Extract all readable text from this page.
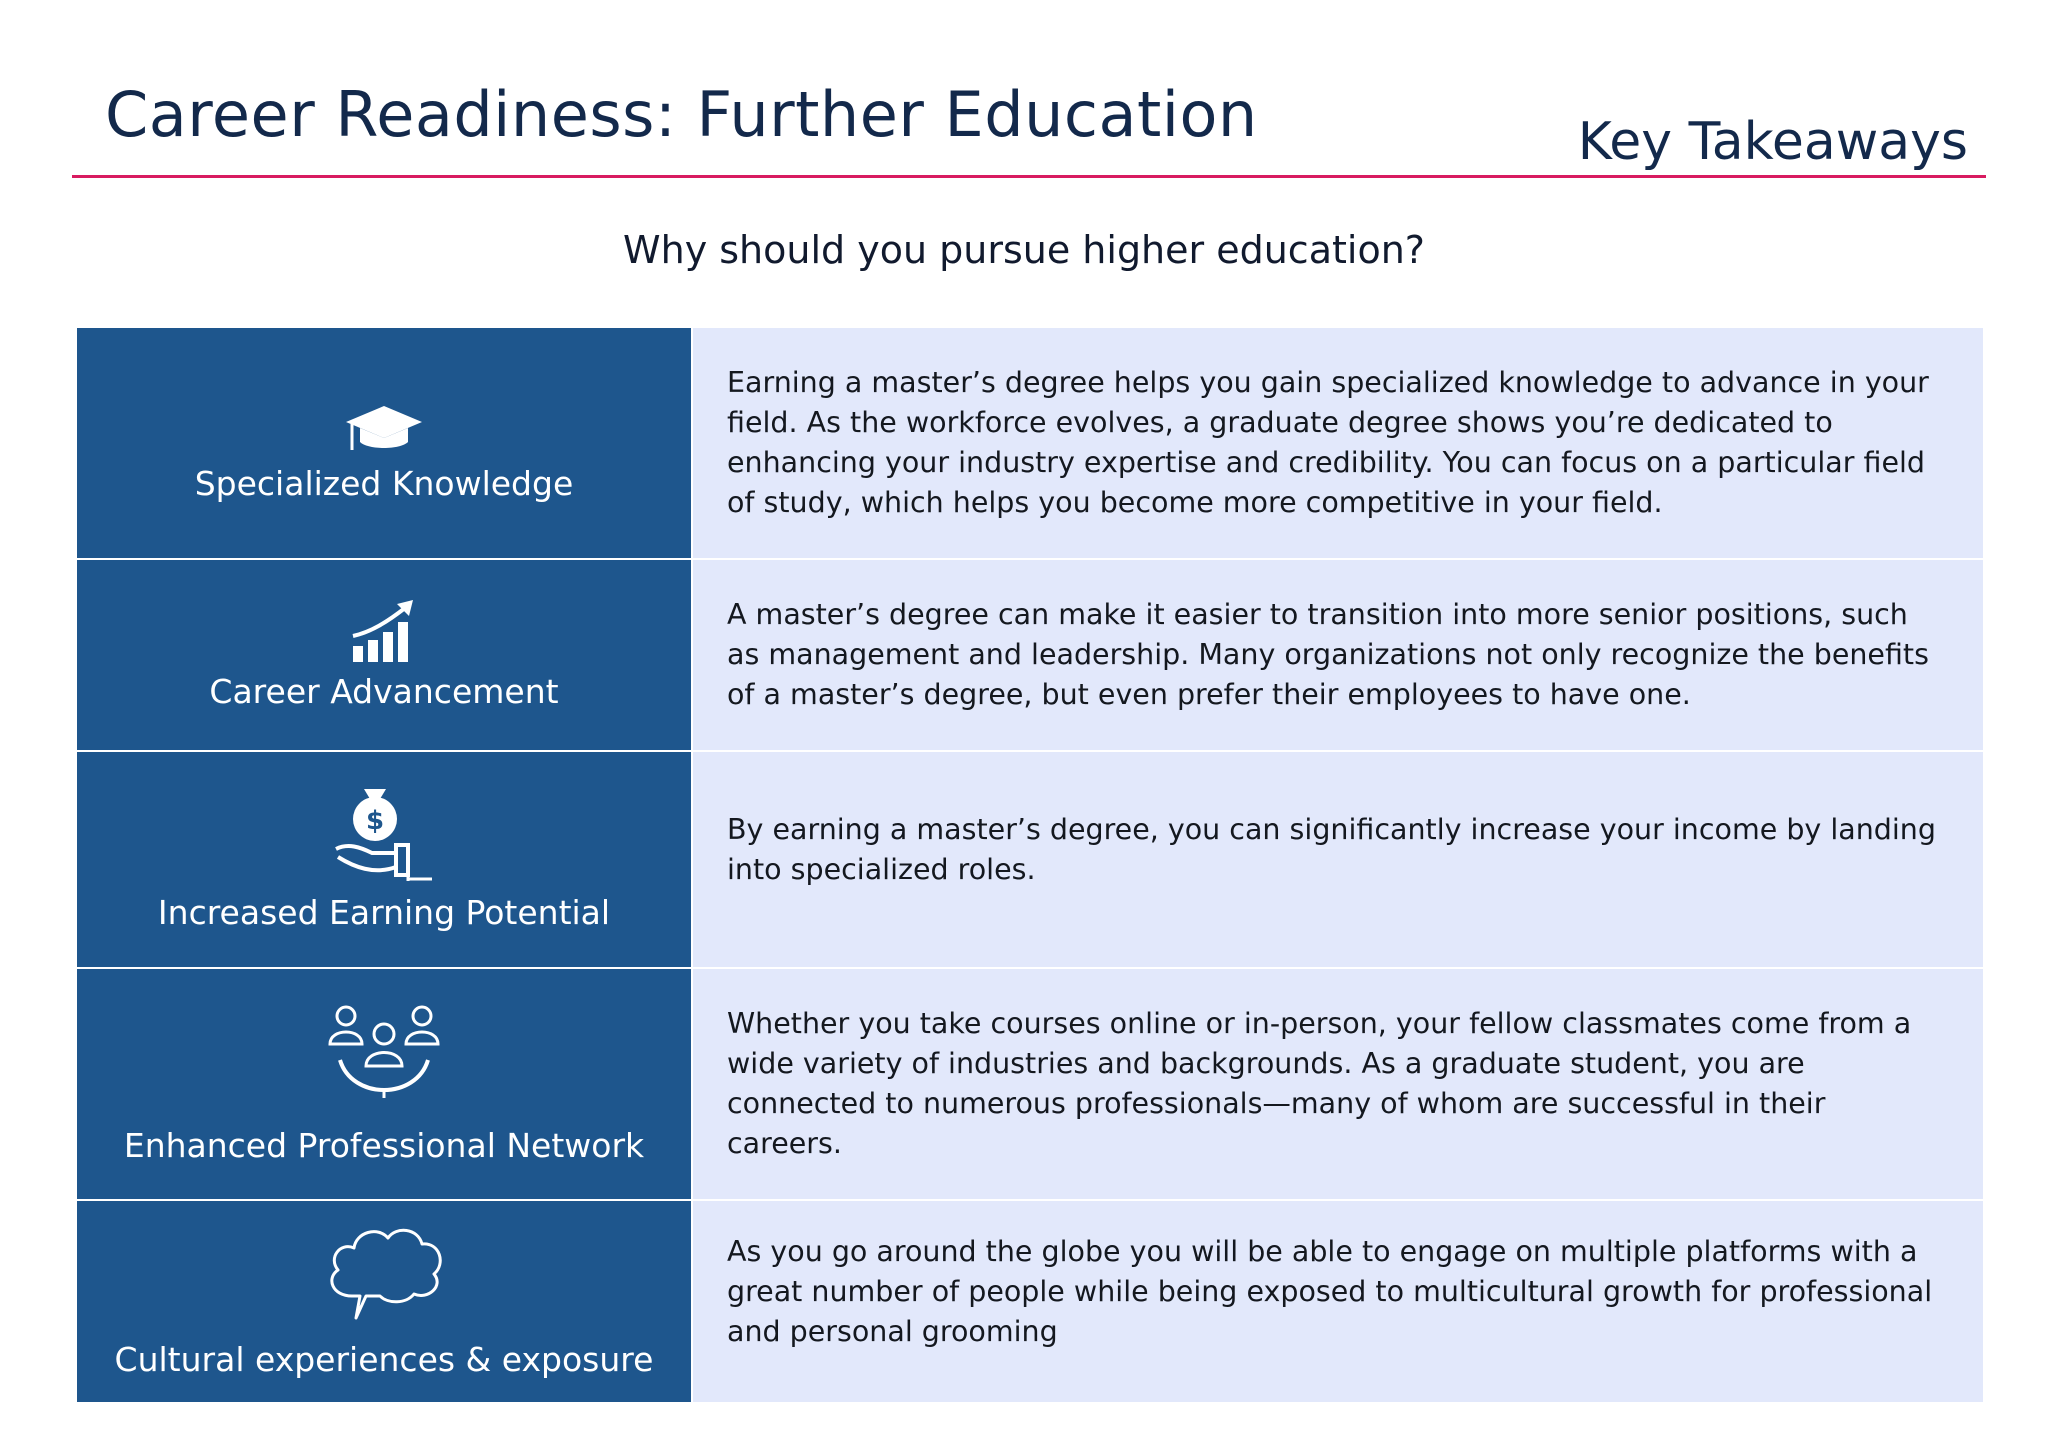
Career Readiness: Further Education	Key Takeaways
Why should you pursue higher education?
Specialized Knowledge
Earning a master’s degree helps you gain specialized knowledge to advance in your field. As the workforce evolves, a graduate degree shows you’re dedicated to enhancing your industry expertise and credibility. You can focus on a particular field of study, which helps you become more competitive in your field.
Career Advancement
A master’s degree can make it easier to transition into more senior positions, such as management and leadership. Many organizations not only recognize the benefits of a master’s degree, but even prefer their employees to have one.
$
Increased Earning Potential
By earning a master’s degree, you can significantly increase your income by landing into specialized roles.
Enhanced Professional Network
Whether you take courses online or in-person, your fellow classmates come from a wide variety of industries and backgrounds. As a graduate student, you are connected to numerous professionals—many of whom are successful in their careers.
Cultural experiences & exposure
As you go around the globe you will be able to engage on multiple platforms with a great number of people while being exposed to multicultural growth for professional and personal grooming
